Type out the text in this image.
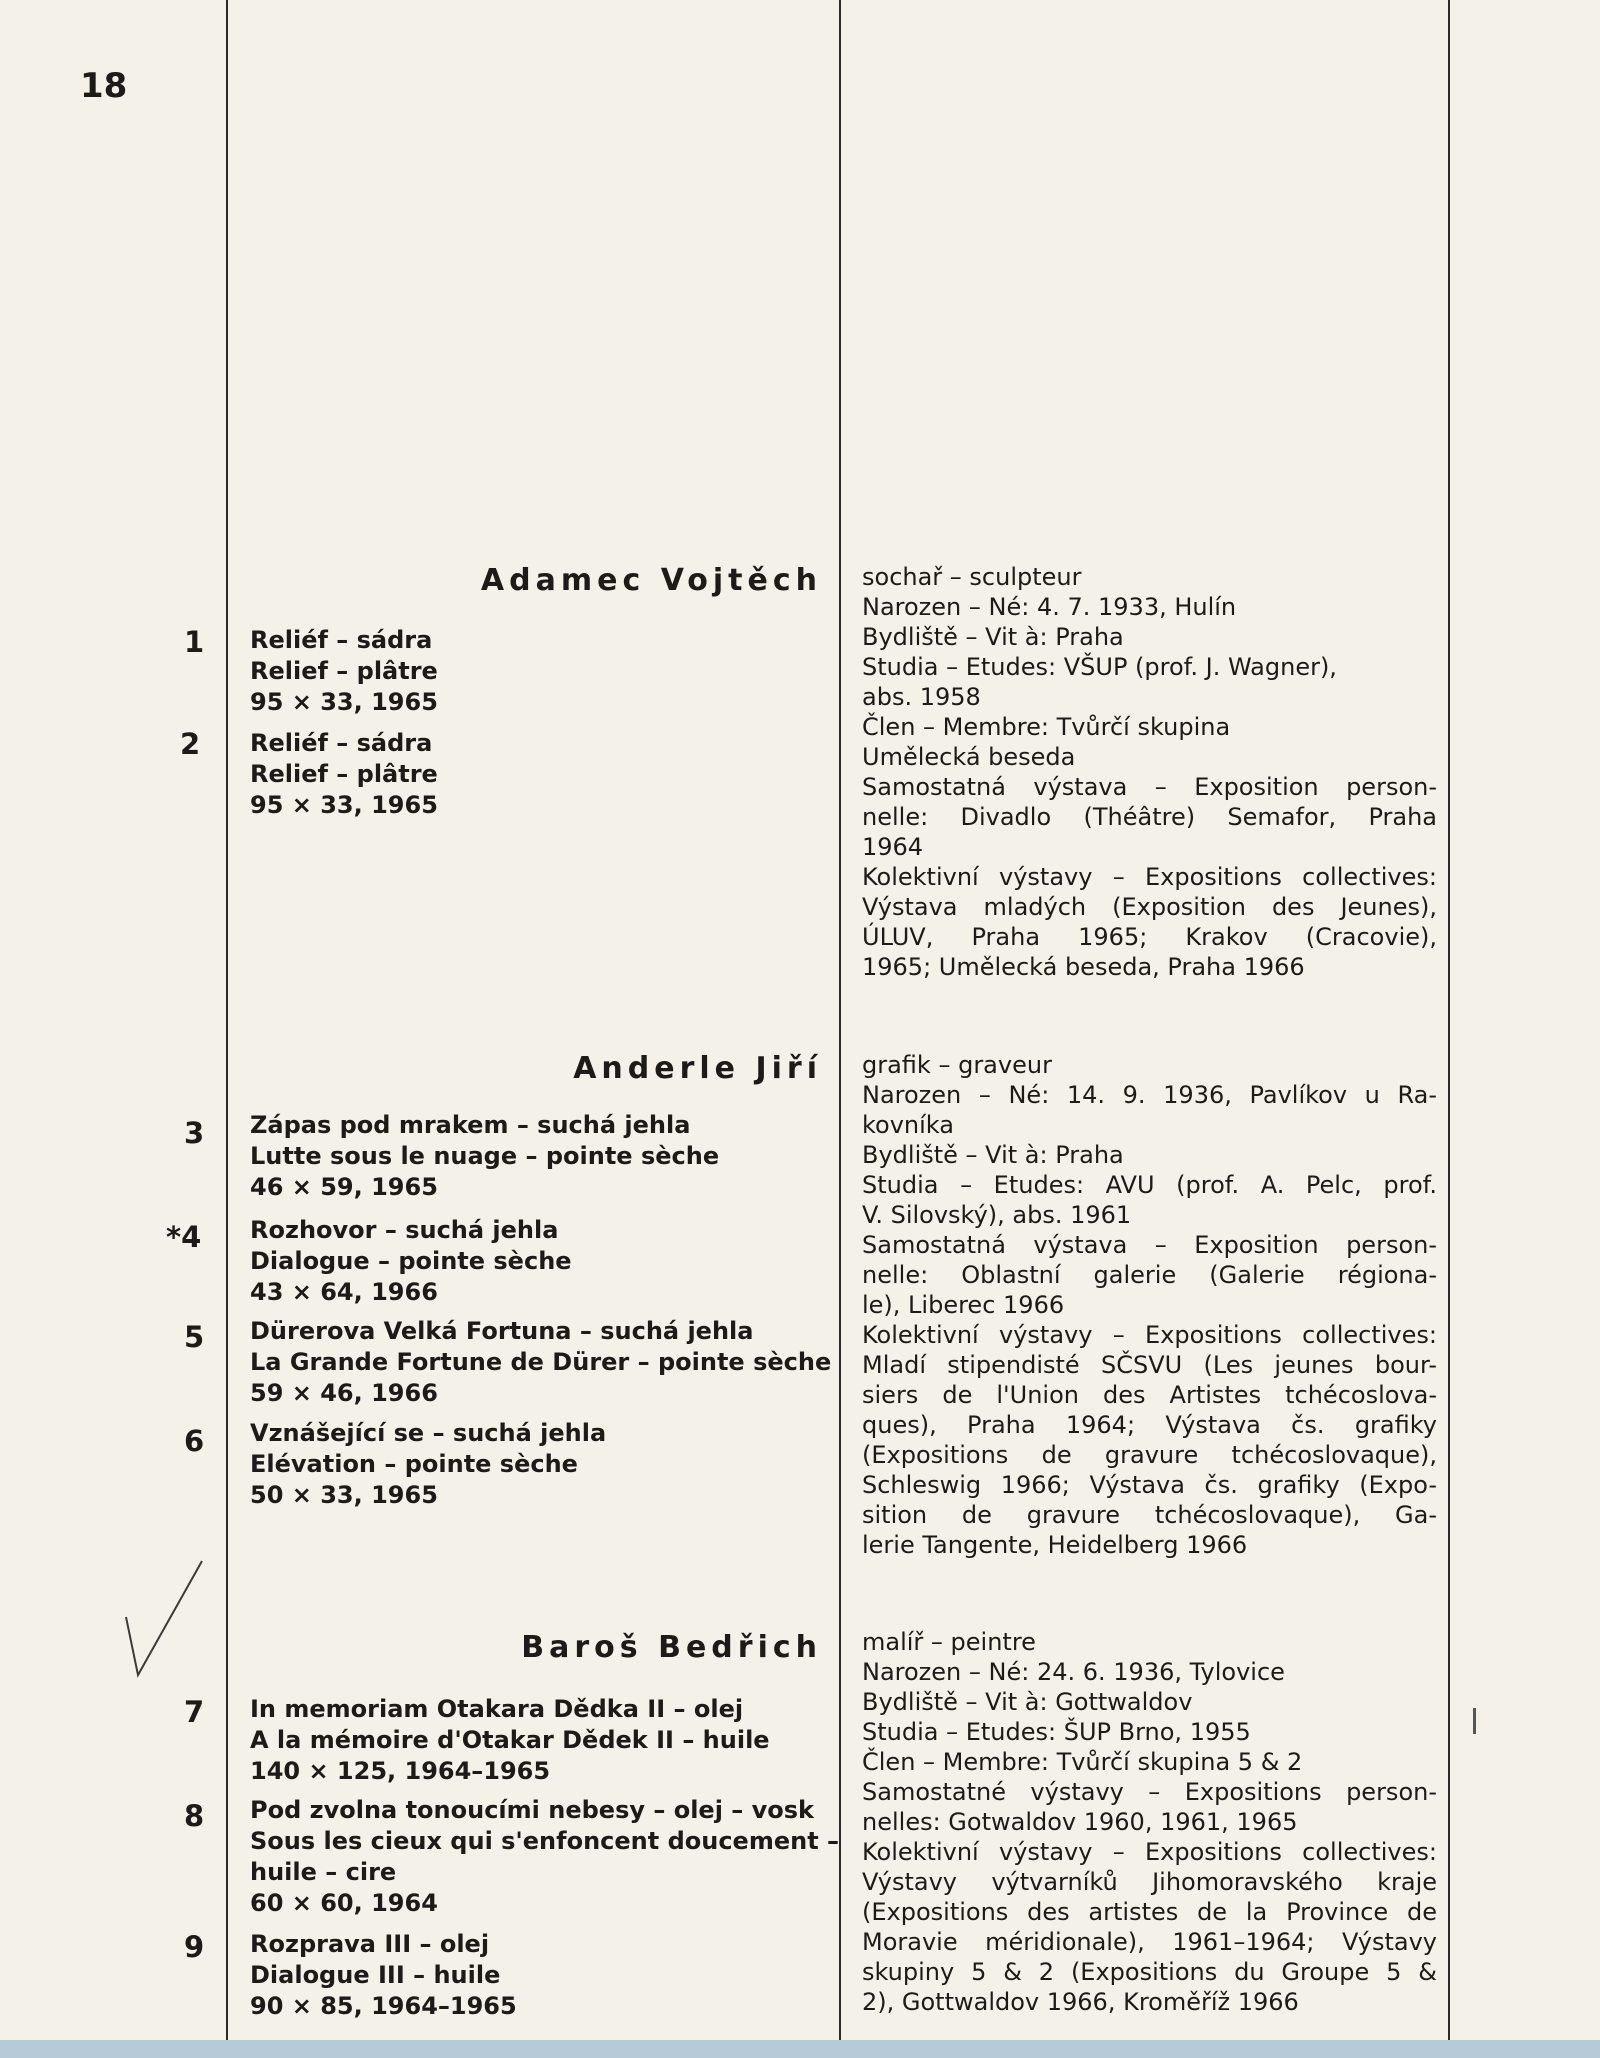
18
Adamec Vojtěch
1 Reliéf – sádra
Relief – plâtre
95 × 33, 1965
2 Reliéf – sádra
Relief – plâtre
95 × 33, 1965
sochař – sculpteur
Narozen – Né: 4. 7. 1933, Hulín
Bydliště – Vit à: Praha
Studia – Etudes: VŠUP (prof. J. Wagner),
abs. 1958
Člen – Membre: Tvůrčí skupina
Umělecká beseda
Samostatná výstava – Exposition person-
nelle: Divadlo (Théâtre) Semafor, Praha
1964
Kolektivní výstavy – Expositions collectives:
Výstava mladých (Exposition des Jeunes),
ÚLUV, Praha 1965; Krakov (Cracovie),
1965; Umělecká beseda, Praha 1966
Anderle Jiří
3 Zápas pod mrakem – suchá jehla
Lutte sous le nuage – pointe sèche
46 × 59, 1965
*4 Rozhovor – suchá jehla
Dialogue – pointe sèche
43 × 64, 1966
5 Dürerova Velká Fortuna – suchá jehla
La Grande Fortune de Dürer – pointe sèche
59 × 46, 1966
6 Vznášející se – suchá jehla
Elévation – pointe sèche
50 × 33, 1965
grafik – graveur
Narozen – Né: 14. 9. 1936, Pavlíkov u Ra-
kovníka
Bydliště – Vit à: Praha
Studia – Etudes: AVU (prof. A. Pelc, prof.
V. Silovský), abs. 1961
Samostatná výstava – Exposition person-
nelle: Oblastní galerie (Galerie régiona-
le), Liberec 1966
Kolektivní výstavy – Expositions collectives:
Mladí stipendisté SČSVU (Les jeunes bour-
siers de l'Union des Artistes tchécoslova-
ques), Praha 1964; Výstava čs. grafiky
(Expositions de gravure tchécoslovaque),
Schleswig 1966; Výstava čs. grafiky (Expo-
sition de gravure tchécoslovaque), Ga-
lerie Tangente, Heidelberg 1966
Baroš Bedřich
7 In memoriam Otakara Dědka II – olej
A la mémoire d'Otakar Dědek II – huile
140 × 125, 1964–1965
8 Pod zvolna tonoucími nebesy – olej – vosk
Sous les cieux qui s'enfoncent doucement –
huile – cire
60 × 60, 1964
9 Rozprava III – olej
Dialogue III – huile
90 × 85, 1964–1965
malíř – peintre
Narozen – Né: 24. 6. 1936, Tylovice
Bydliště – Vit à: Gottwaldov
Studia – Etudes: ŠUP Brno, 1955
Člen – Membre: Tvůrčí skupina 5 & 2
Samostatné výstavy – Expositions person-
nelles: Gotwaldov 1960, 1961, 1965
Kolektivní výstavy – Expositions collectives:
Výstavy výtvarníků Jihomoravského kraje
(Expositions des artistes de la Province de
Moravie méridionale), 1961–1964; Výstavy
skupiny 5 & 2 (Expositions du Groupe 5 &
2), Gottwaldov 1966, Kroměříž 1966
